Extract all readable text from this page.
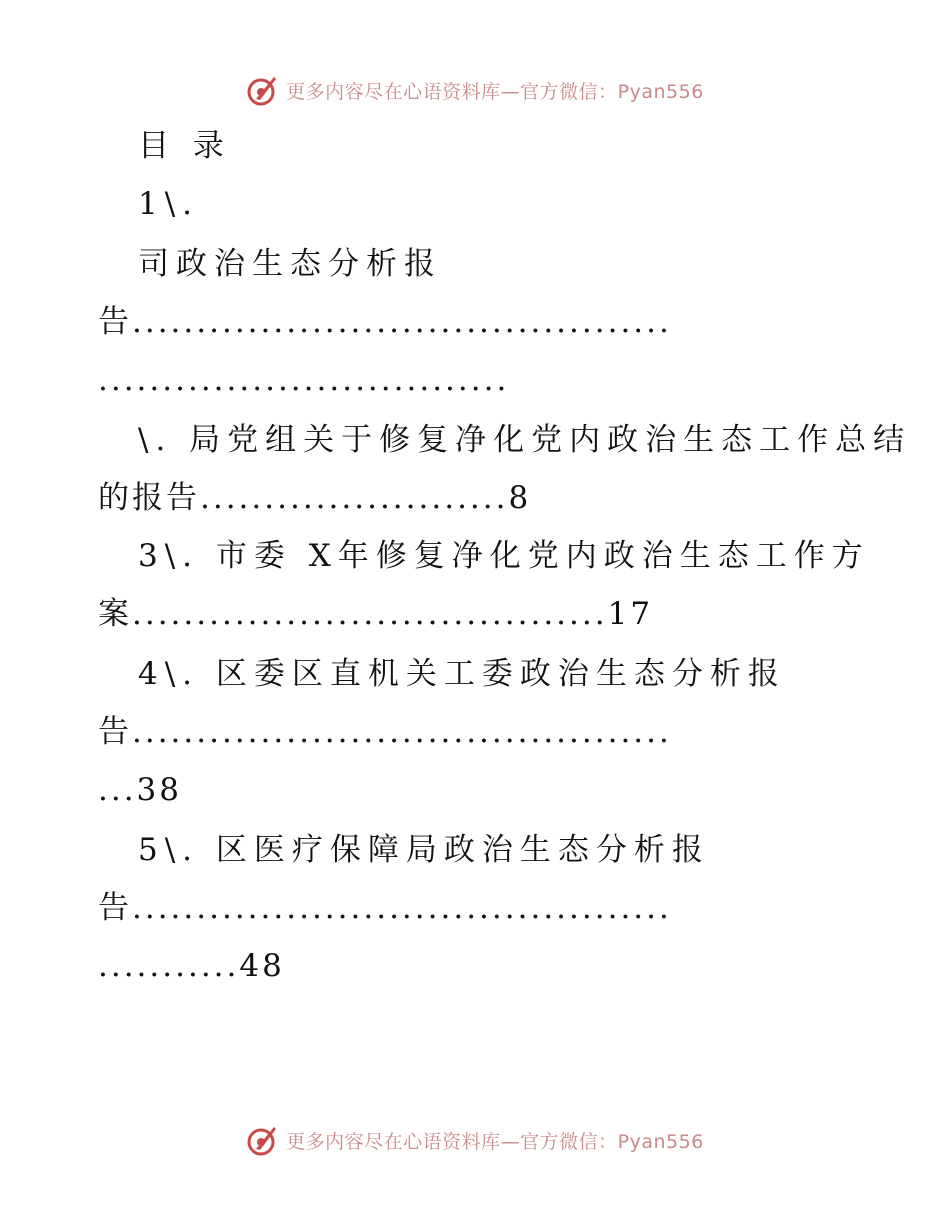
更多内容尽在心语资料库—官方微信：Pyan556
目 录
1\.
司政治生态分析报
告..........................................
................................
\. 局党组关于修复净化党内政治生态工作总结
的报告........................8
3\. 市委 X年修复净化党内政治生态工作方
案.....................................17
4\. 区委区直机关工委政治生态分析报
告..........................................
...38
5\. 区医疗保障局政治生态分析报
告..........................................
...........48
更多内容尽在心语资料库—官方微信：Pyan556
